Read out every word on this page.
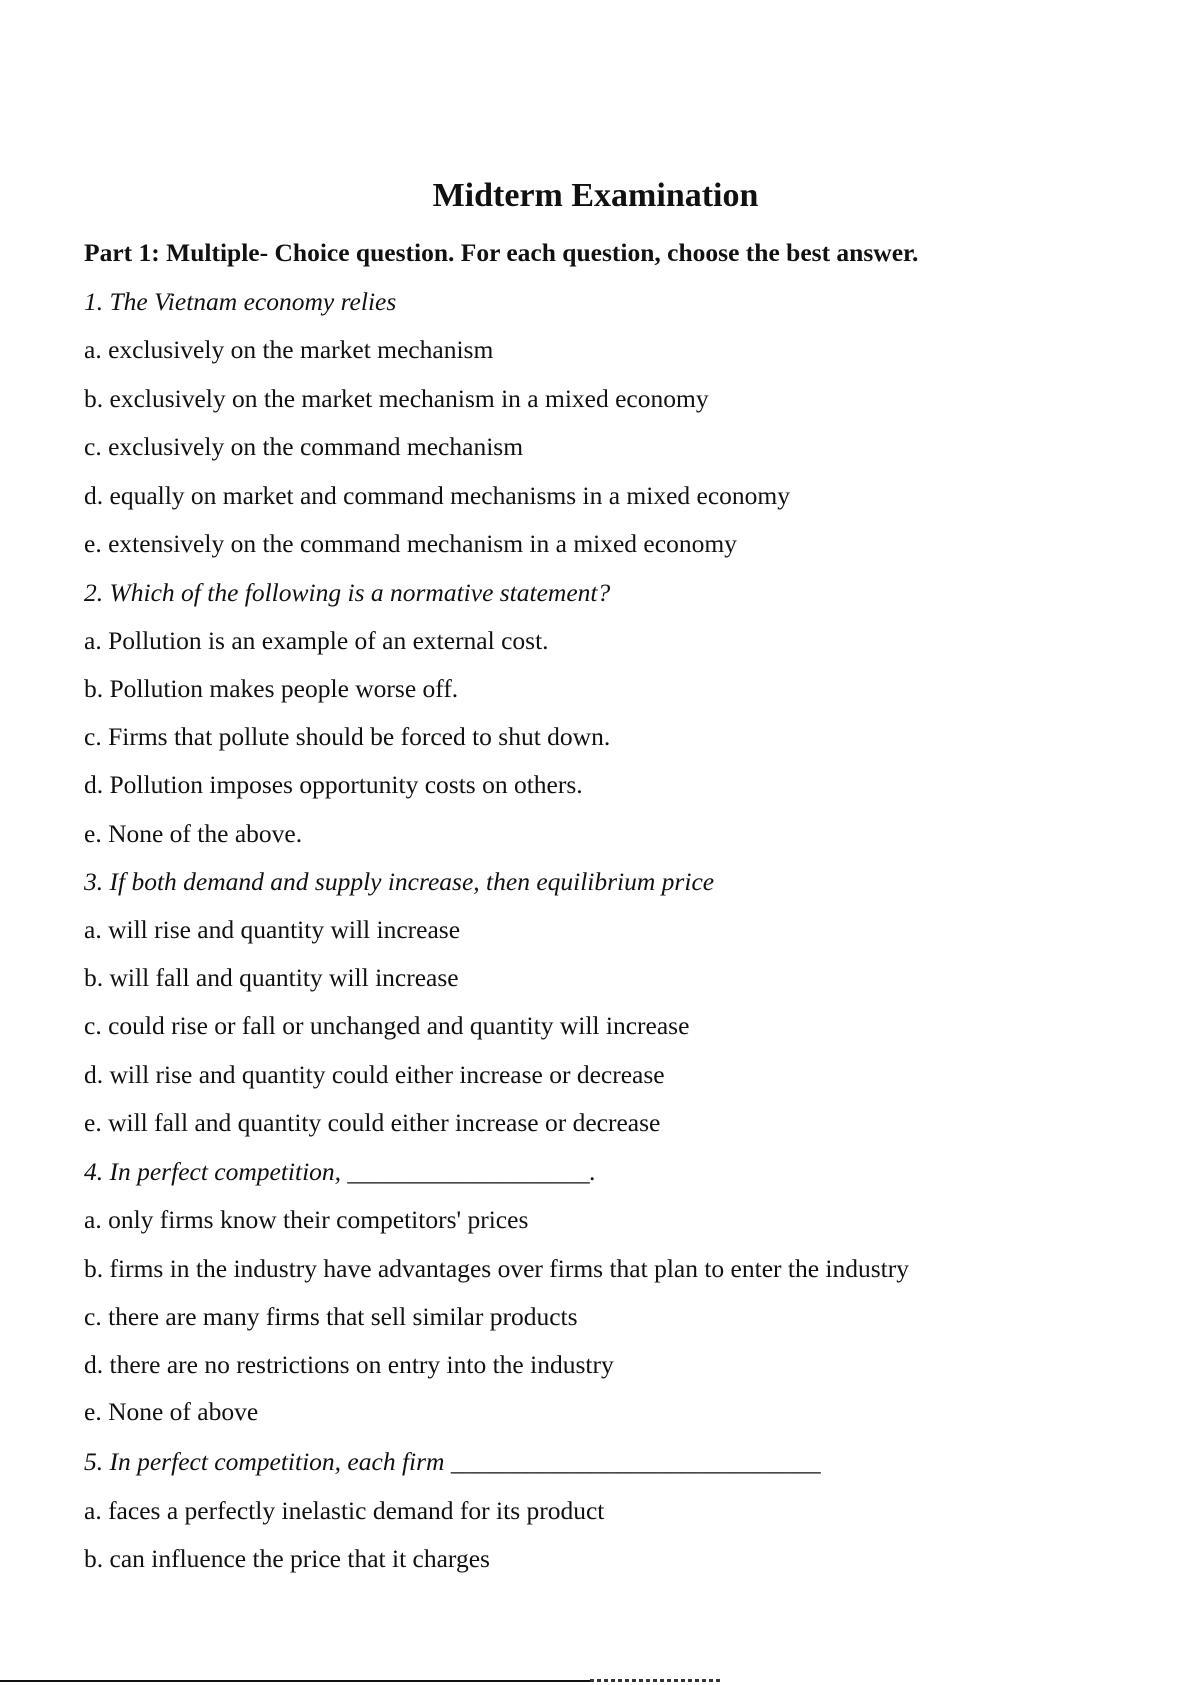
Midterm Examination
Part 1: Multiple- Choice question. For each question, choose the best answer.
1. The Vietnam economy relies
a. exclusively on the market mechanism
b. exclusively on the market mechanism in a mixed economy
c. exclusively on the command mechanism
d. equally on market and command mechanisms in a mixed economy
e. extensively on the command mechanism in a mixed economy
2. Which of the following is a normative statement?
a. Pollution is an example of an external cost.
b. Pollution makes people worse off.
c. Firms that pollute should be forced to shut down.
d. Pollution imposes opportunity costs on others.
e. None of the above.
3. If both demand and supply increase, then equilibrium price
a. will rise and quantity will increase
b. will fall and quantity will increase
c. could rise or fall or unchanged and quantity will increase
d. will rise and quantity could either increase or decrease
e. will fall and quantity could either increase or decrease
4. In perfect competition, ___________________.
a. only firms know their competitors' prices
b. firms in the industry have advantages over firms that plan to enter the industry
c. there are many firms that sell similar products
d. there are no restrictions on entry into the industry
e. None of above
5. In perfect competition, each firm _____________________________
a. faces a perfectly inelastic demand for its product
b. can influence the price that it charges
